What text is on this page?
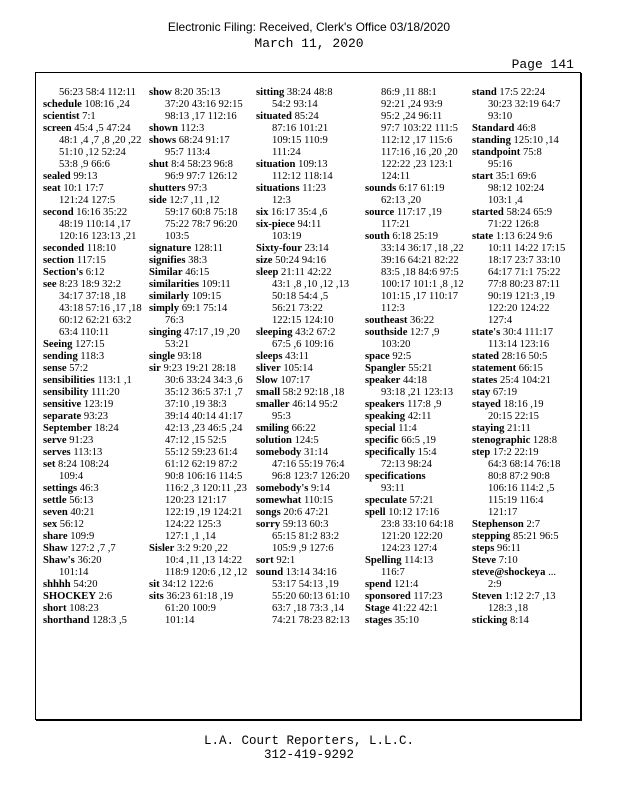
Electronic Filing: Received, Clerk's Office 03/18/2020
March 11, 2020
Page 141
56:23 58:4 112:11
schedule 108:16 ,24
scientist 7:1
screen 45:4 ,5 47:24
48:1 ,4 ,7 ,8 ,20 ,22
51:10 ,12 52:24
53:8 ,9 66:6
sealed 99:13
seat 10:1 17:7
121:24 127:5
second 16:16 35:22
48:19 110:14 ,17
120:16 123:13 ,21
seconded 118:10
section 117:15
Section's 6:12
see 8:23 18:9 32:2
34:17 37:18 ,18
43:18 57:16 ,17 ,18
60:12 62:21 63:2
63:4 110:11
Seeing 127:15
sending 118:3
sense 57:2
sensibilities 113:1 ,1
sensibility 111:20
sensitive 123:19
separate 93:23
September 18:24
serve 91:23
serves 113:13
set 8:24 108:24
109:4
settings 46:3
settle 56:13
seven 40:21
sex 56:12
share 109:9
Shaw 127:2 ,7 ,7
Shaw's 36:20
101:14
shhhh 54:20
SHOCKEY 2:6
short 108:23
shorthand 128:3 ,5
show 8:20 35:13
37:20 43:16 92:15
98:13 ,17 112:16
shown 112:3
shows 68:24 91:17
95:7 113:4
shut 8:4 58:23 96:8
96:9 97:7 126:12
shutters 97:3
side 12:7 ,11 ,12
59:17 60:8 75:18
75:22 78:7 96:20
103:5
signature 128:11
signifies 38:3
Similar 46:15
similarities 109:11
similarly 109:15
simply 69:1 75:14
76:3
singing 47:17 ,19 ,20
53:21
single 93:18
sir 9:23 19:21 28:18
30:6 33:24 34:3 ,6
35:12 36:5 37:1 ,7
37:10 ,19 38:3
39:14 40:14 41:17
42:13 ,23 46:5 ,24
47:12 ,15 52:5
55:12 59:23 61:4
61:12 62:19 87:2
90:8 106:16 114:5
116:2 ,3 120:11 ,23
120:23 121:17
122:19 ,19 124:21
124:22 125:3
127:1 ,1 ,14
Sisler 3:2 9:20 ,22
10:4 ,11 ,13 14:22
118:9 120:6 ,12 ,12
sit 34:12 122:6
sits 36:23 61:18 ,19
61:20 100:9
101:14
sitting 38:24 48:8
54:2 93:14
situated 85:24
87:16 101:21
109:15 110:9
111:24
situation 109:13
112:12 118:14
situations 11:23
12:3
six 16:17 35:4 ,6
six-piece 94:11
103:19
Sixty-four 23:14
size 50:24 94:16
sleep 21:11 42:22
43:1 ,8 ,10 ,12 ,13
50:18 54:4 ,5
56:21 73:22
122:15 124:10
sleeping 43:2 67:2
67:5 ,6 109:16
sleeps 43:11
sliver 105:14
Slow 107:17
small 58:2 92:18 ,18
smaller 46:14 95:2
95:3
smiling 66:22
solution 124:5
somebody 31:14
47:16 55:19 76:4
96:8 123:7 126:20
somebody's 9:14
somewhat 110:15
songs 20:6 47:21
sorry 59:13 60:3
65:15 81:2 83:2
105:9 ,9 127:6
sort 92:1
sound 13:14 34:16
53:17 54:13 ,19
55:20 60:13 61:10
63:7 ,18 73:3 ,14
74:21 78:23 82:13
86:9 ,11 88:1
92:21 ,24 93:9
95:2 ,24 96:11
97:7 103:22 111:5
112:12 ,17 115:6
117:16 ,16 ,20 ,20
122:22 ,23 123:1
124:11
sounds 6:17 61:19
62:13 ,20
source 117:17 ,19
117:21
south 6:18 25:19
33:14 36:17 ,18 ,22
39:16 64:21 82:22
83:5 ,18 84:6 97:5
100:17 101:1 ,8 ,12
101:15 ,17 110:17
112:3
southeast 36:22
southside 12:7 ,9
103:20
space 92:5
Spangler 55:21
speaker 44:18
93:18 ,21 123:13
speakers 117:8 ,9
speaking 42:11
special 11:4
specific 66:5 ,19
specifically 15:4
72:13 98:24
specifications
93:11
speculate 57:21
spell 10:12 17:16
23:8 33:10 64:18
121:20 122:20
124:23 127:4
Spelling 114:13
116:7
spend 121:4
sponsored 117:23
Stage 41:22 42:1
stages 35:10
stand 17:5 22:24
30:23 32:19 64:7
93:10
Standard 46:8
standing 125:10 ,14
standpoint 75:8
95:16
start 35:1 69:6
98:12 102:24
103:1 ,4
started 58:24 65:9
71:22 126:8
state 1:13 6:24 9:6
10:11 14:22 17:15
18:17 23:7 33:10
64:17 71:1 75:22
77:8 80:23 87:11
90:19 121:3 ,19
122:20 124:22
127:4
state's 30:4 111:17
113:14 123:16
stated 28:16 50:5
statement 66:15
states 25:4 104:21
stay 67:19
stayed 18:16 ,19
20:15 22:15
staying 21:11
stenographic 128:8
step 17:2 22:19
64:3 68:14 76:18
80:8 87:2 90:8
106:16 114:2 ,5
115:19 116:4
121:17
Stephenson 2:7
stepping 85:21 96:5
steps 96:11
Steve 7:10
steve@shockeya ...
2:9
Steven 1:12 2:7 ,13
128:3 ,18
sticking 8:14
L.A. Court Reporters, L.L.C.
312-419-9292
